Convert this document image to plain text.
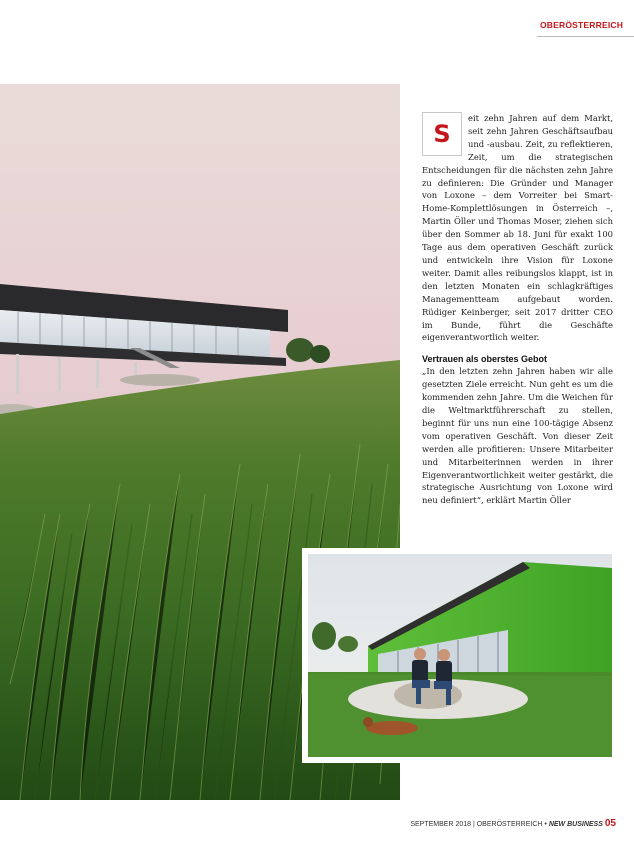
OBERÖSTERREICH

S
eit zehn Jahren auf dem Markt, seit zehn Jahren Geschäftsaufbau und -ausbau. Zeit, zu reflektieren, Zeit, um die strategischen Entscheidungen für die nächsten zehn Jahre zu definieren: Die Gründer und Manager von Loxone – dem Vorreiter bei Smart-Home-Komplettlösungen in Österreich –, Martin Öller und Thomas Moser, ziehen sich über den Sommer ab 18. Juni für exakt 100 Tage aus dem operativen Geschäft zurück und entwickeln ihre Vision für Loxone weiter. Damit alles reibungslos klappt, ist in den letzten Monaten ein schlagkräftiges Managementteam aufgebaut worden. Rüdiger Keinberger, seit 2017 dritter CEO im Bunde, führt die Geschäfte eigenverantwortlich weiter.

Vertrauen als oberstes Gebot

„In den letzten zehn Jahren haben wir alle gesetzten Ziele erreicht. Nun geht es um die kommenden zehn Jahre. Um die Weichen für die Weltmarktführerschaft zu stellen, beginnt für uns nun eine 100-tägige Absenz vom operativen Geschäft. Von dieser Zeit werden alle profitieren: Unsere Mitarbeiter und Mitarbeiterinnen werden in ihrer Eigenverantwortlichkeit weiter gestärkt, die strategische Ausrichtung von Loxone wird neu definiert“, erklärt Martin Öller

SEPTEMBER 2018 | OBERÖSTERREICH • NEW BUSINESS 05
